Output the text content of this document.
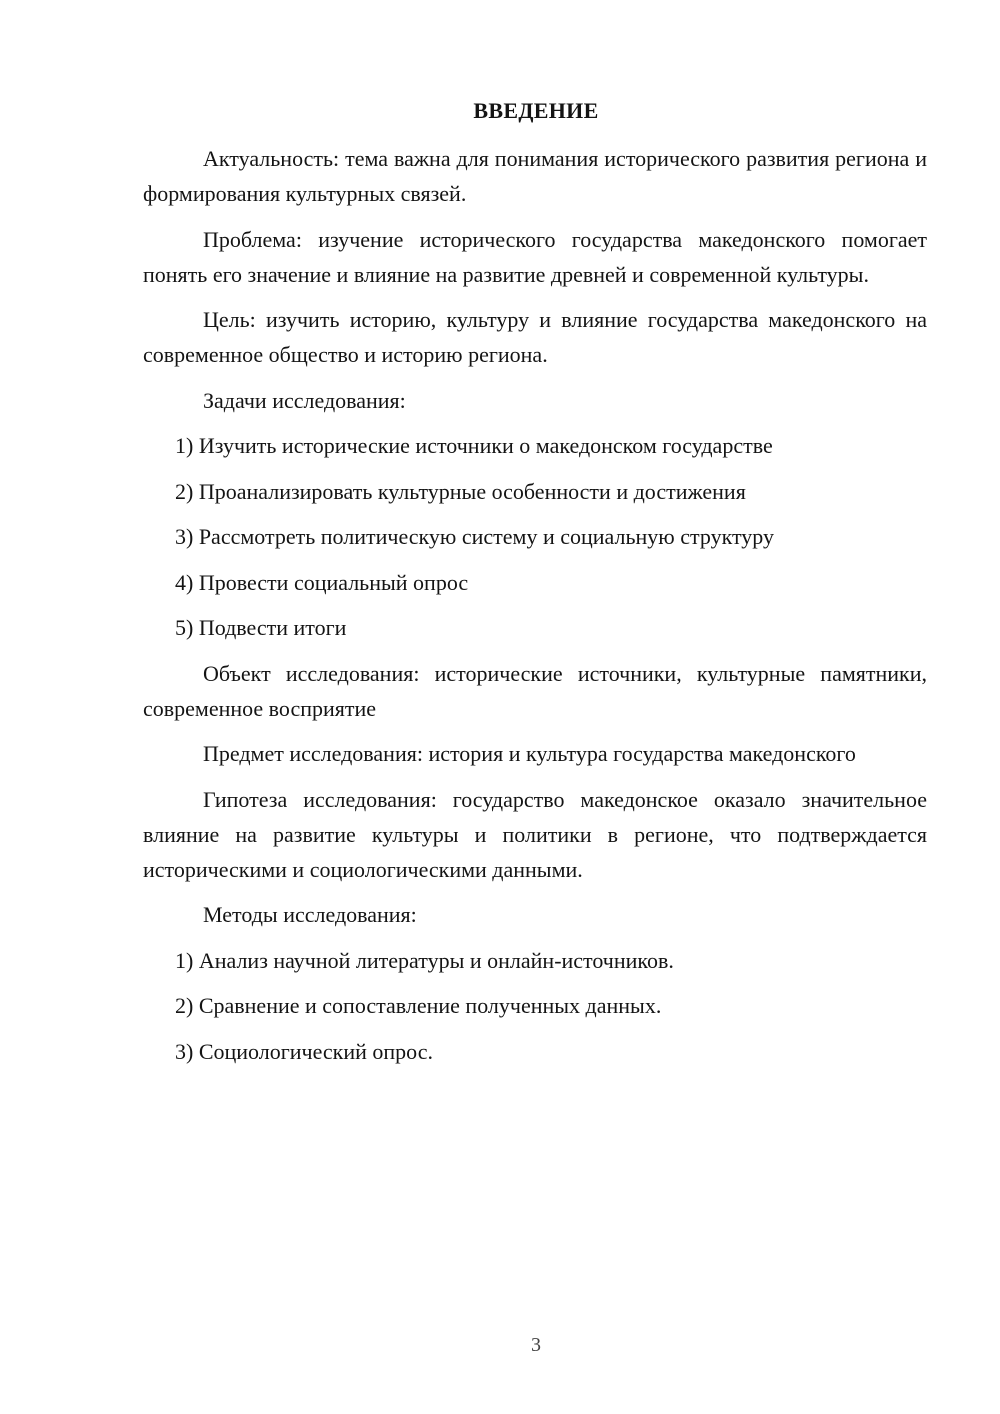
ВВЕДЕНИЕ

Актуальность: тема важна для понимания исторического развития региона и формирования культурных связей.

Проблема: изучение исторического государства македонского помогает понять его значение и влияние на развитие древней и современной культуры.

Цель: изучить историю, культуру и влияние государства македонского на современное общество и историю региона.

Задачи исследования:

1) Изучить исторические источники о македонском государстве
2) Проанализировать культурные особенности и достижения
3) Рассмотреть политическую систему и социальную структуру
4) Провести социальный опрос
5) Подвести итоги

Объект исследования: исторические источники, культурные памятники, современное восприятие

Предмет исследования: история и культура государства македонского

Гипотеза исследования: государство македонское оказало значительное влияние на развитие культуры и политики в регионе, что подтверждается историческими и социологическими данными.

Методы исследования:

1) Анализ научной литературы и онлайн-источников.
2) Сравнение и сопоставление полученных данных.
3) Социологический опрос.
3
